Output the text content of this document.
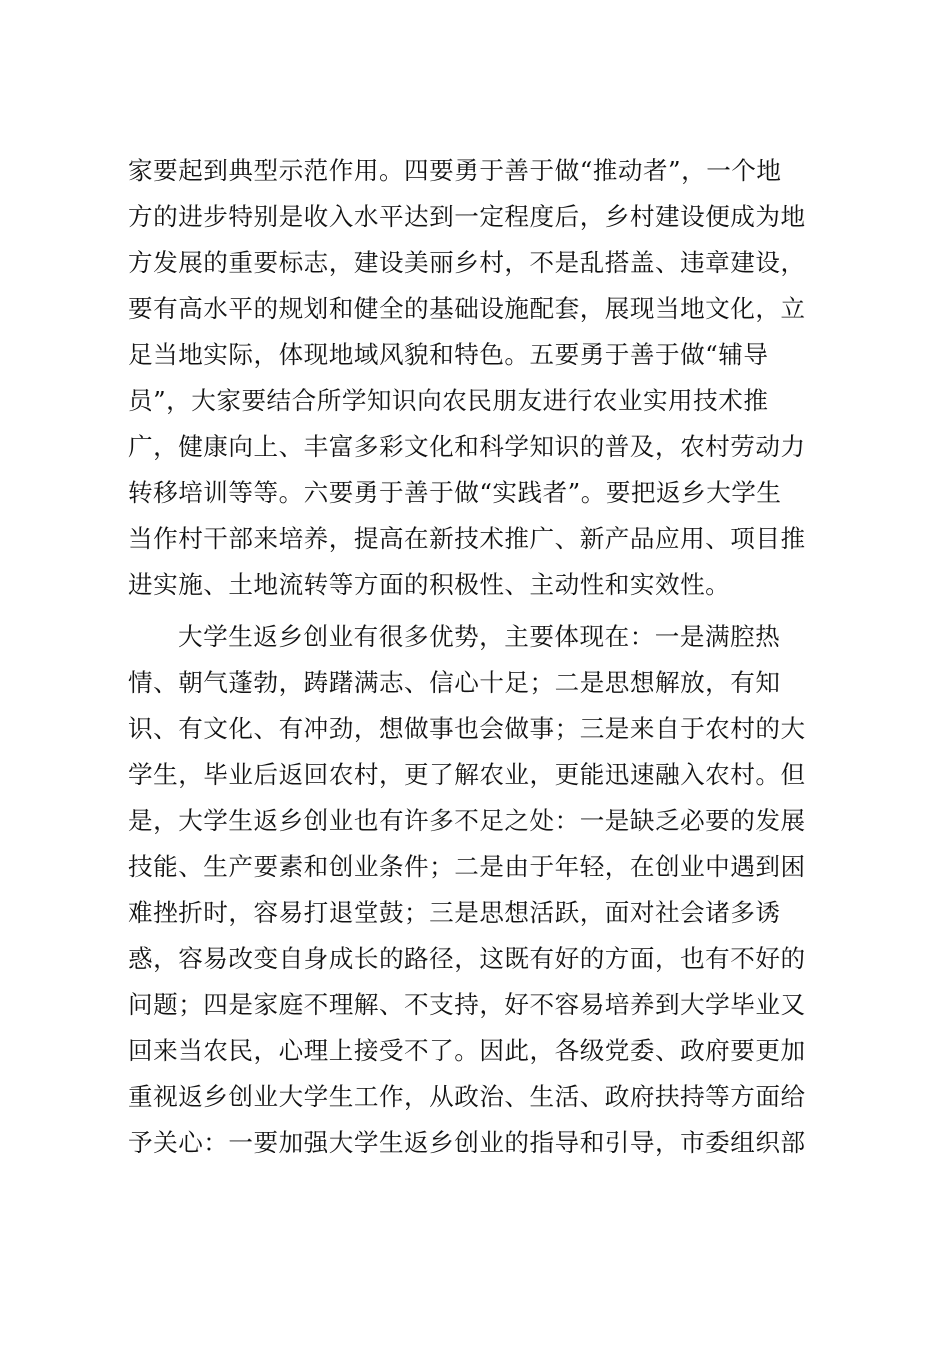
家要起到典型示范作用。四要勇于善于做“推动者”，一个地
方的进步特别是收入水平达到一定程度后，乡村建设便成为地
方发展的重要标志，建设美丽乡村，不是乱搭盖、违章建设，
要有高水平的规划和健全的基础设施配套，展现当地文化，立
足当地实际，体现地域风貌和特色。五要勇于善于做“辅导
员”，大家要结合所学知识向农民朋友进行农业实用技术推
广，健康向上、丰富多彩文化和科学知识的普及，农村劳动力
转移培训等等。六要勇于善于做“实践者”。要把返乡大学生
当作村干部来培养，提高在新技术推广、新产品应用、项目推
进实施、土地流转等方面的积极性、主动性和实效性。
大学生返乡创业有很多优势，主要体现在：一是满腔热
情、朝气蓬勃，踌躇满志、信心十足；二是思想解放，有知
识、有文化、有冲劲，想做事也会做事；三是来自于农村的大
学生，毕业后返回农村，更了解农业，更能迅速融入农村。但
是，大学生返乡创业也有许多不足之处：一是缺乏必要的发展
技能、生产要素和创业条件；二是由于年轻，在创业中遇到困
难挫折时，容易打退堂鼓；三是思想活跃，面对社会诸多诱
惑，容易改变自身成长的路径，这既有好的方面，也有不好的
问题；四是家庭不理解、不支持，好不容易培养到大学毕业又
回来当农民，心理上接受不了。因此，各级党委、政府要更加
重视返乡创业大学生工作，从政治、生活、政府扶持等方面给
予关心：一要加强大学生返乡创业的指导和引导，市委组织部
